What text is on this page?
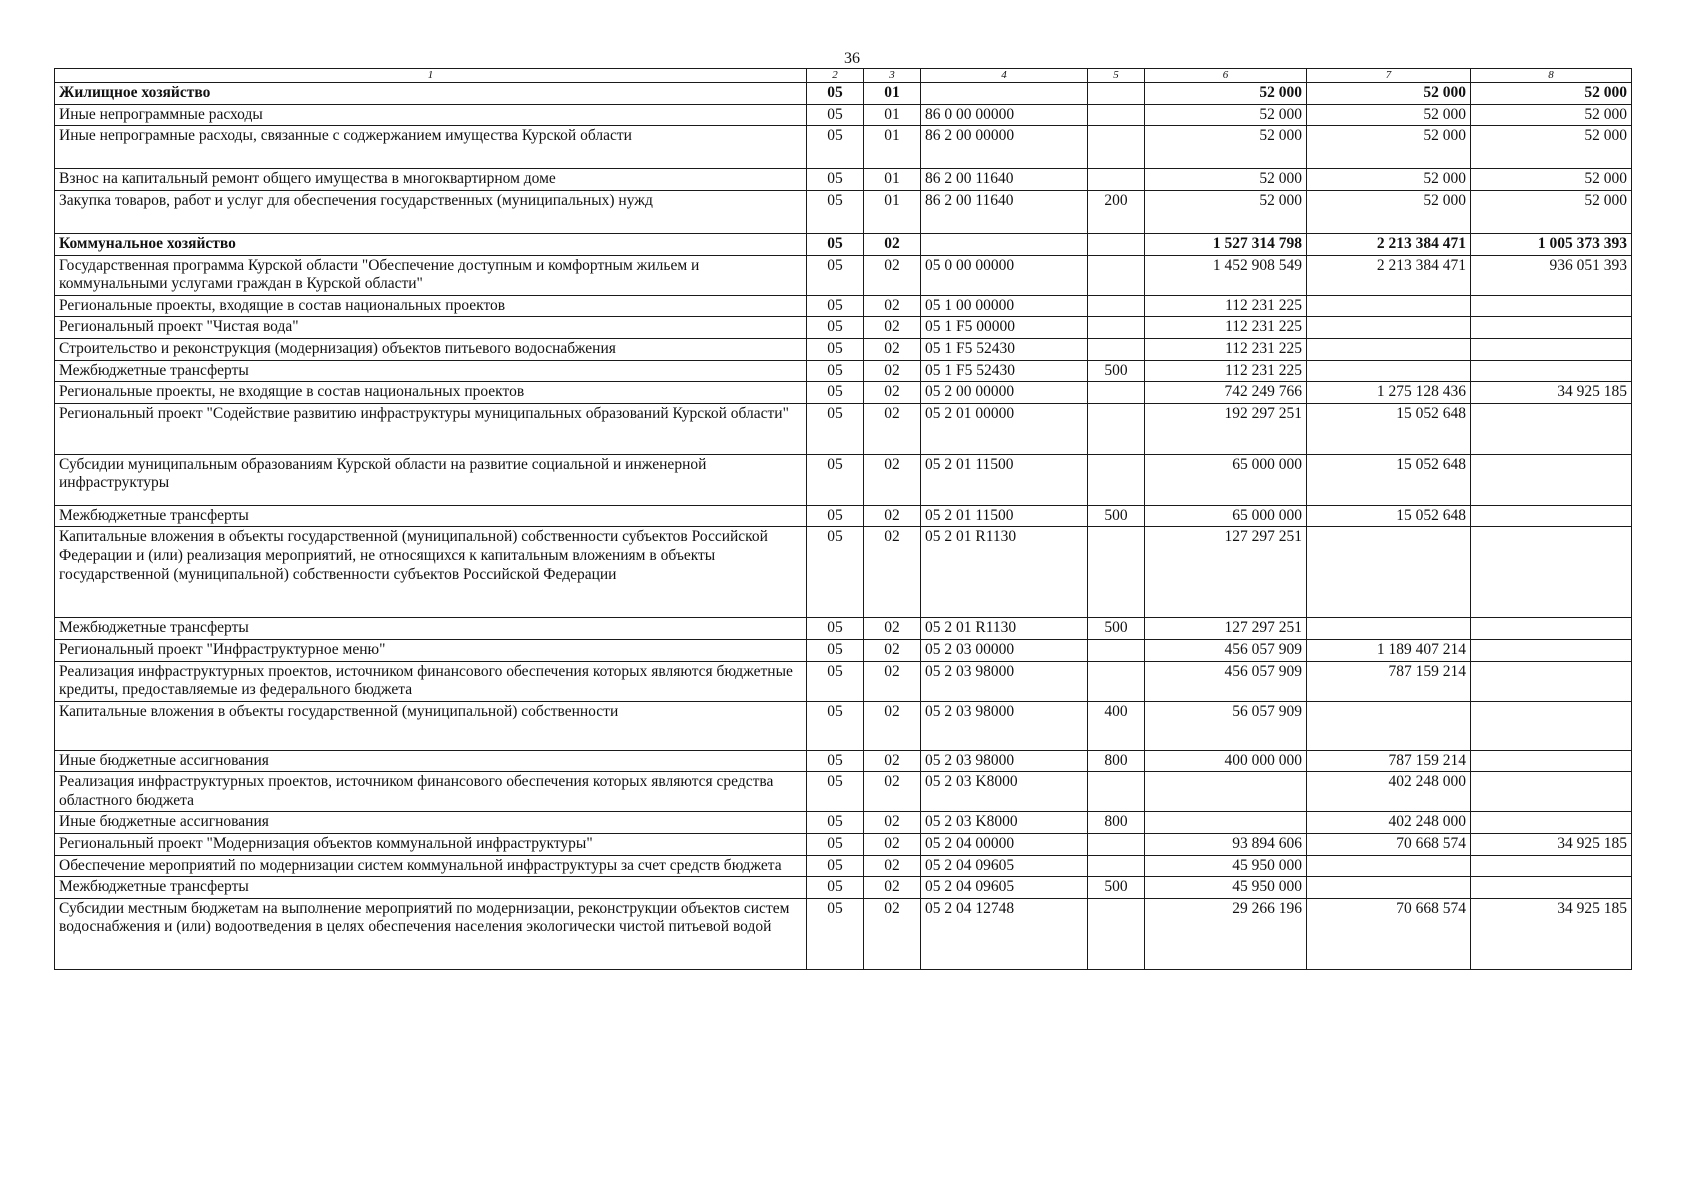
36
1	2	3	4	5	6	7	8
Жилищное хозяйство	05	01			52 000	52 000	52 000
Иные непрограммные расходы	05	01	86 0 00 00000		52 000	52 000	52 000
Иные непрограмные расходы, связанные с соджержанием имущества Курской области	05	01	86 2 00 00000		52 000	52 000	52 000
Взнос на капитальный ремонт общего имущества в многоквартирном доме	05	01	86 2 00 11640		52 000	52 000	52 000
Закупка товаров, работ и услуг для обеспечения государственных (муниципальных) нужд	05	01	86 2 00 11640	200	52 000	52 000	52 000
Коммунальное хозяйство	05	02			1 527 314 798	2 213 384 471	1 005 373 393
Государственная программа Курской области "Обеспечение доступным и комфортным жильем и коммунальными услугами граждан в Курской области"	05	02	05 0 00 00000		1 452 908 549	2 213 384 471	936 051 393
Региональные проекты, входящие в состав национальных проектов	05	02	05 1 00 00000		112 231 225		
Региональный проект "Чистая вода"	05	02	05 1 F5 00000		112 231 225		
Строительство и реконструкция (модернизация) объектов питьевого водоснабжения	05	02	05 1 F5 52430		112 231 225		
Межбюджетные трансферты	05	02	05 1 F5 52430	500	112 231 225		
Региональные проекты, не входящие в состав национальных проектов	05	02	05 2 00 00000		742 249 766	1 275 128 436	34 925 185
Региональный проект "Содействие развитию инфраструктуры муниципальных образований Курской области"	05	02	05 2 01 00000		192 297 251	15 052 648	
Субсидии муниципальным образованиям Курской области на развитие социальной и инженерной инфраструктуры	05	02	05 2 01 11500		65 000 000	15 052 648	
Межбюджетные трансферты	05	02	05 2 01 11500	500	65 000 000	15 052 648	
Капитальные вложения в объекты государственной (муниципальной) собственности субъектов Российской Федерации и (или) реализация мероприятий, не относящихся к капитальным вложениям в объекты государственной (муниципальной) собственности субъектов Российской Федерации	05	02	05 2 01 R1130		127 297 251		
Межбюджетные трансферты	05	02	05 2 01 R1130	500	127 297 251		
Региональный проект "Инфраструктурное меню"	05	02	05 2 03 00000		456 057 909	1 189 407 214	
Реализация инфраструктурных проектов, источником финансового обеспечения которых являются бюджетные кредиты, предоставляемые из федерального бюджета	05	02	05 2 03 98000		456 057 909	787 159 214	
Капитальные вложения в объекты государственной (муниципальной) собственности	05	02	05 2 03 98000	400	56 057 909		
Иные бюджетные ассигнования	05	02	05 2 03 98000	800	400 000 000	787 159 214	
Реализация инфраструктурных проектов, источником финансового обеспечения которых являются средства областного бюджета	05	02	05 2 03 K8000			402 248 000	
Иные бюджетные ассигнования	05	02	05 2 03 K8000	800		402 248 000	
Региональный проект "Модернизация объектов коммунальной инфраструктуры"	05	02	05 2 04 00000		93 894 606	70 668 574	34 925 185
Обеспечение мероприятий по модернизации систем коммунальной инфраструктуры за счет средств бюджета	05	02	05 2 04 09605		45 950 000		
Межбюджетные трансферты	05	02	05 2 04 09605	500	45 950 000		
Субсидии местным бюджетам на выполнение мероприятий по модернизации, реконструкции объектов систем водоснабжения и (или) водоотведения в целях обеспечения населения экологически чистой питьевой водой	05	02	05 2 04 12748		29 266 196	70 668 574	34 925 185
